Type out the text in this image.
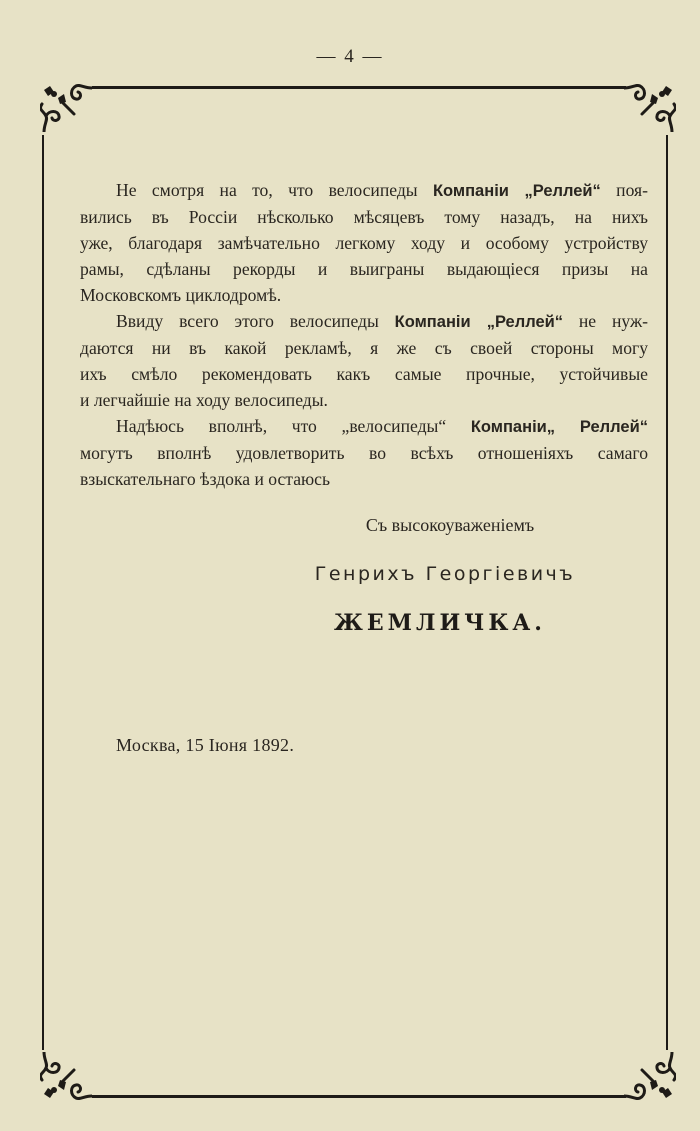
— 4 —
Не смотря на то, что велосипеды Компанiи „Реллей“ поя-
вились въ Россiи нѣсколько мѣсяцевъ тому назадъ, на нихъ
уже, благодаря замѣчательно легкому ходу и особому устройству
рамы, сдѣланы рекорды и выиграны выдающiеся призы на
Московскомъ циклодромѣ.
Ввиду всего этого велосипеды Компанiи „Реллей“ не нуж-
даются ни въ какой рекламѣ, я же съ своей стороны могу
ихъ смѣло рекомендовать какъ самые прочные, устойчивые
и легчайшiе на ходу велосипеды.
Надѣюсь вполнѣ, что „велосипеды“ Компанiи„ Реллей“
могутъ вполнѣ удовлетворить во всѣхъ отношенiяхъ самаго
взыскательнаго ѣздока и остаюсь
Съ высокоуваженiемъ
Генрихъ Георгiевичъ
ЖЕМЛИЧКА.
Москва, 15 Iюня 1892.
